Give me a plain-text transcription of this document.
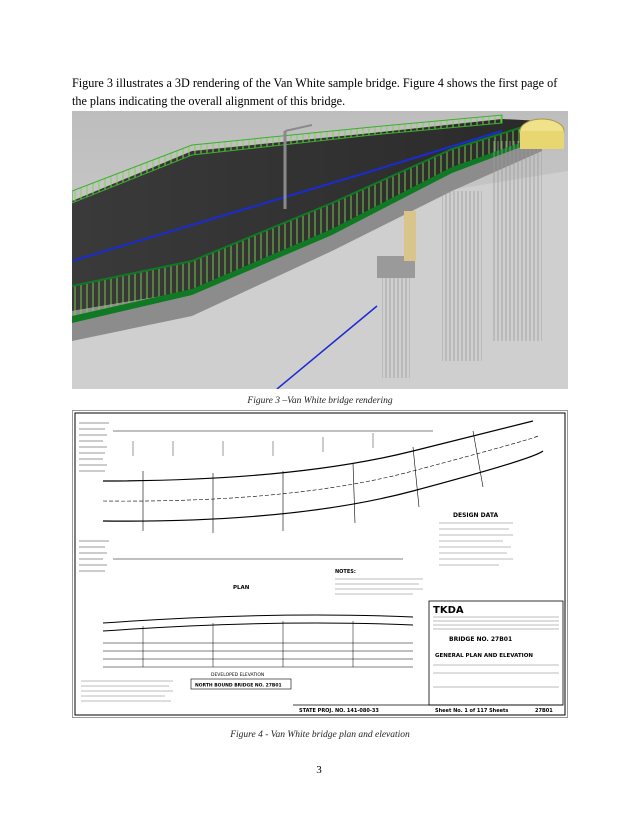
Figure 3 illustrates a 3D rendering of the Van White sample bridge. Figure 4 shows the first page of the plans indicating the overall alignment of this bridge.

Figure 3 –Van White bridge rendering
PLAN
DESIGN DATA
NOTES:
DEVELOPED ELEVATION
NORTH BOUND BRIDGE NO. 27B01
TKDA
BRIDGE NO. 27B01
GENERAL PLAN AND ELEVATION
STATE PROJ. NO. 141-080-33	Sheet No. 1 of 117 Sheets	27B01
Figure 4 - Van White bridge plan and elevation
3
